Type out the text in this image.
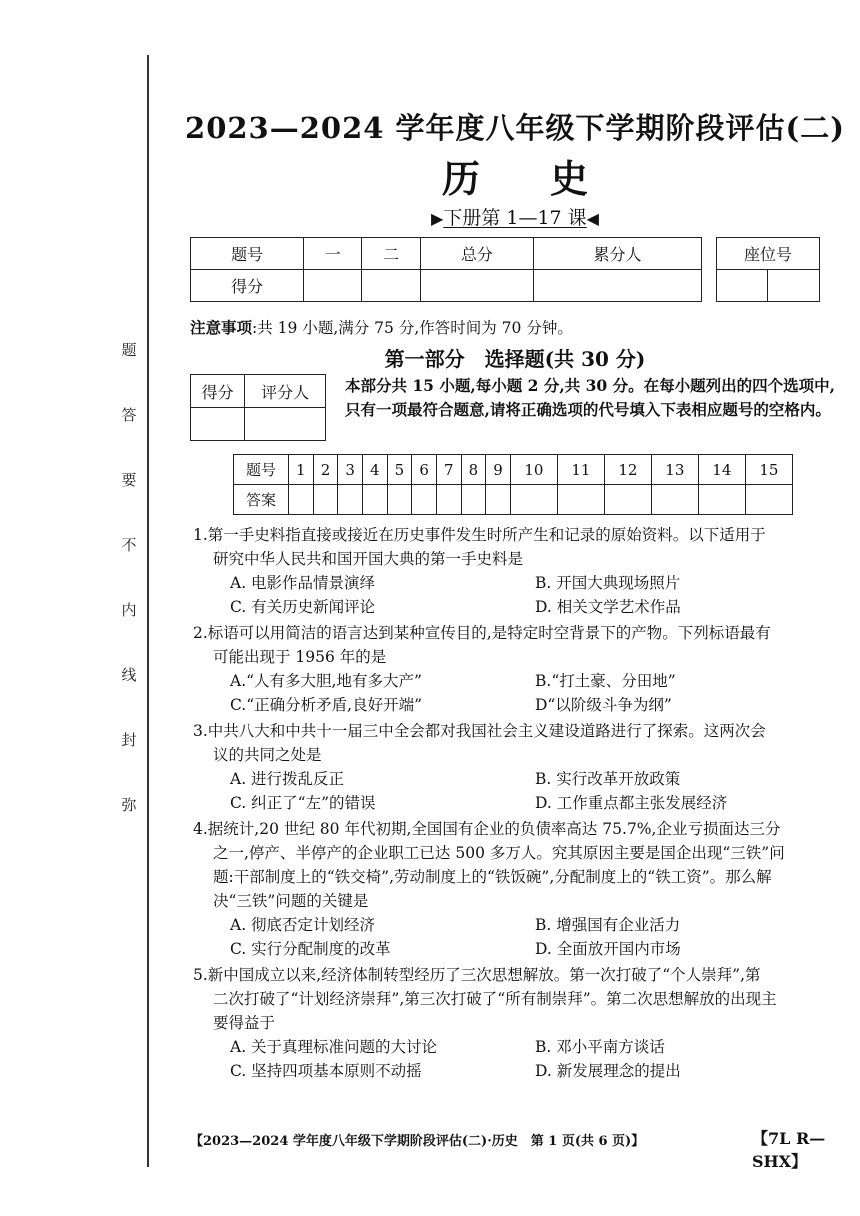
题
答
要
不
内
线
封
弥
2023—2024 学年度八年级下学期阶段评估(二)
历史
▶下册第 1—17 课◀
题号	一	二	总分	累分人
得分				
座位号

注意事项:共 19 小题,满分 75 分,作答时间为 70 分钟。
第一部分　选择题(共 30 分)
得分	评分人
	本部分共 15 小题,每小题 2 分,共 30 分。在每小题列出的四个选项中,只有一项最符合题意,请将正确选项的代号填入下表相应题号的空格内。
题号	1	2	3	4	5	6	7	8	9	10	11	12	13	14	15
答案															
1.第一手史料指直接或接近在历史事件发生时所产生和记录的原始资料。以下适用于
研究中华人民共和国开国大典的第一手史料是
A. 电影作品情景演绎	B. 开国大典现场照片
C. 有关历史新闻评论	D. 相关文学艺术作品
2.标语可以用简洁的语言达到某种宣传目的,是特定时空背景下的产物。下列标语最有
可能出现于 1956 年的是
A.“人有多大胆,地有多大产”	B.“打土豪、分田地”
C.“正确分析矛盾,良好开端”	D“以阶级斗争为纲”
3.中共八大和中共十一届三中全会都对我国社会主义建设道路进行了探索。这两次会
议的共同之处是
A. 进行拨乱反正	B. 实行改革开放政策
C. 纠正了“左”的错误	D. 工作重点都主张发展经济
4.据统计,20 世纪 80 年代初期,全国国有企业的负债率高达 75.7%,企业亏损面达三分
之一,停产、半停产的企业职工已达 500 多万人。究其原因主要是国企出现“三铁”问
题:干部制度上的“铁交椅”,劳动制度上的“铁饭碗”,分配制度上的“铁工资”。那么解
决“三铁”问题的关键是
A. 彻底否定计划经济	B. 增强国有企业活力
C. 实行分配制度的改革	D. 全面放开国内市场
5.新中国成立以来,经济体制转型经历了三次思想解放。第一次打破了“个人崇拜”,第
二次打破了“计划经济崇拜”,第三次打破了“所有制崇拜”。第二次思想解放的出现主
要得益于
A. 关于真理标准问题的大讨论	B. 邓小平南方谈话
C. 坚持四项基本原则不动摇	D. 新发展理念的提出
【2023—2024 学年度八年级下学期阶段评估(二)·历史　第 1 页(共 6 页)】	【7L R—SHX】
